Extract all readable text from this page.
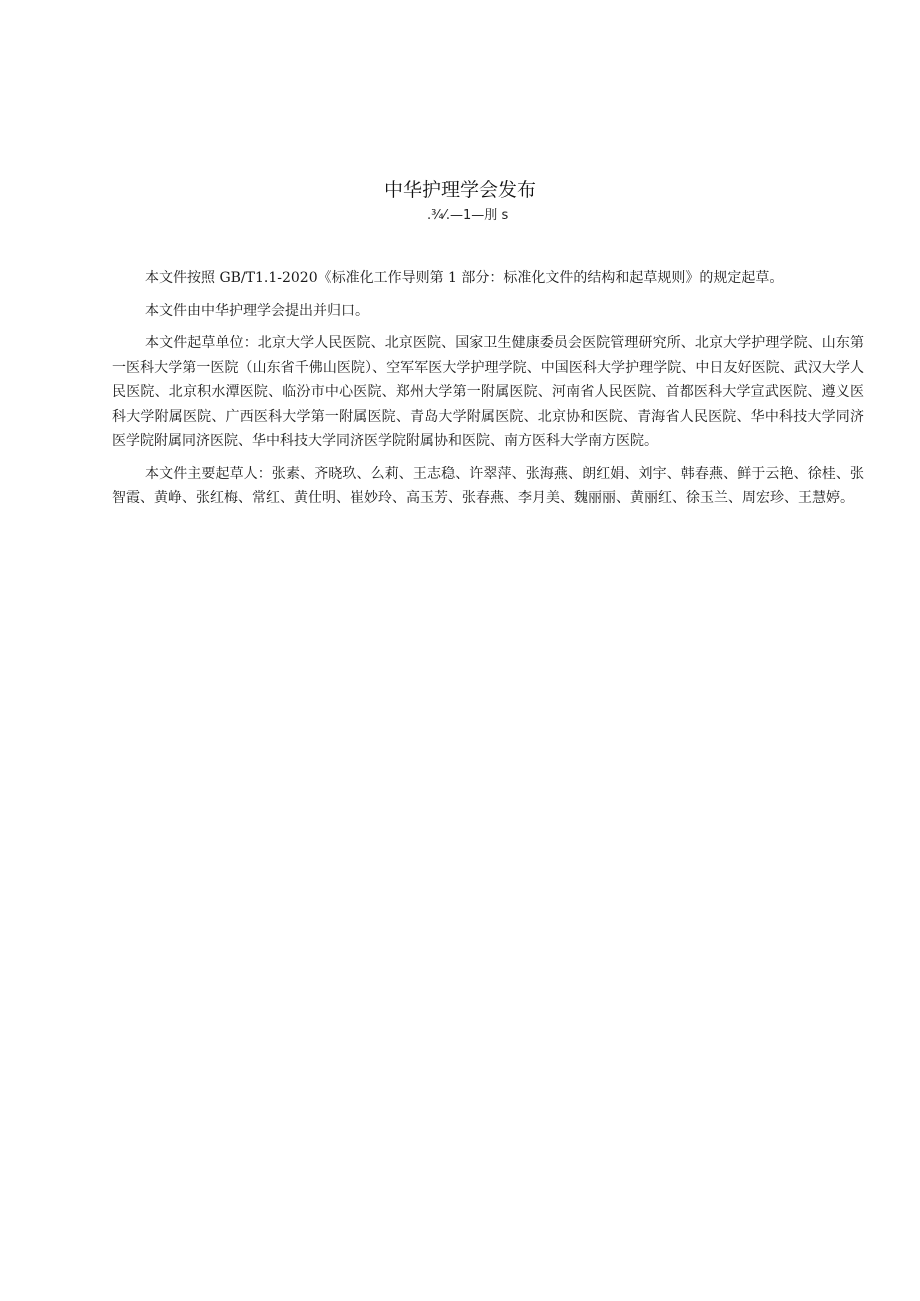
中华护理学会发布
.¾⁄.—1—刖 s

本文件按照 GB/T1.1-2020《标准化工作导则第 1 部分：标准化文件的结构和起草规则》的规定起草。

本文件由中华护理学会提出并归口。

本文件起草单位：北京大学人民医院、北京医院、国家卫生健康委员会医院管理研究所、北京大学护理学院、山东第一医科大学第一医院（山东省千佛山医院）、空军军医大学护理学院、中国医科大学护理学院、中日友好医院、武汉大学人民医院、北京积水潭医院、临汾市中心医院、郑州大学第一附属医院、河南省人民医院、首都医科大学宣武医院、遵义医科大学附属医院、广西医科大学第一附属医院、青岛大学附属医院、北京协和医院、青海省人民医院、华中科技大学同济医学院附属同济医院、华中科技大学同济医学院附属协和医院、南方医科大学南方医院。

本文件主要起草人：张素、齐晓玖、么莉、王志稳、许翠萍、张海燕、朗红娟、刘宇、韩春燕、鲜于云艳、徐桂、张智霞、黄峥、张红梅、常红、黄仕明、崔妙玲、高玉芳、张春燕、李月美、魏丽丽、黄丽红、徐玉兰、周宏珍、王慧婷。
